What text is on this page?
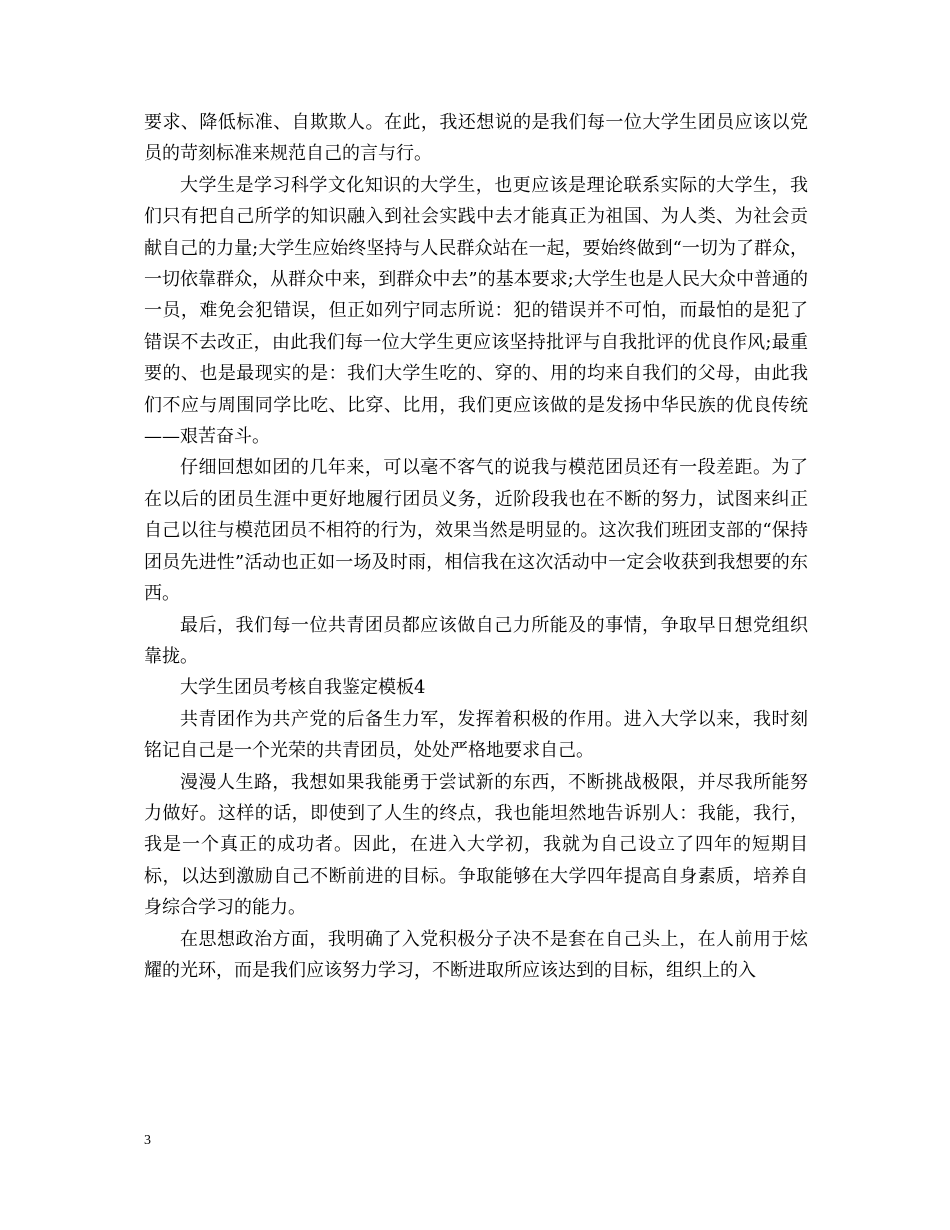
要求、降低标准、自欺欺人。在此，我还想说的是我们每一位大学生团员应该以党员的苛刻标准来规范自己的言与行。

大学生是学习科学文化知识的大学生，也更应该是理论联系实际的大学生，我们只有把自己所学的知识融入到社会实践中去才能真正为祖国、为人类、为社会贡献自己的力量;大学生应始终坚持与人民群众站在一起，要始终做到“一切为了群众，一切依靠群众，从群众中来，到群众中去”的基本要求;大学生也是人民大众中普通的一员，难免会犯错误，但正如列宁同志所说：犯的错误并不可怕，而最怕的是犯了错误不去改正，由此我们每一位大学生更应该坚持批评与自我批评的优良作风;最重要的、也是最现实的是：我们大学生吃的、穿的、用的均来自我们的父母，由此我们不应与周围同学比吃、比穿、比用，我们更应该做的是发扬中华民族的优良传统——艰苦奋斗。

仔细回想如团的几年来，可以毫不客气的说我与模范团员还有一段差距。为了在以后的团员生涯中更好地履行团员义务，近阶段我也在不断的努力，试图来纠正自己以往与模范团员不相符的行为，效果当然是明显的。这次我们班团支部的“保持团员先进性”活动也正如一场及时雨，相信我在这次活动中一定会收获到我想要的东西。

最后，我们每一位共青团员都应该做自己力所能及的事情，争取早日想党组织靠拢。

大学生团员考核自我鉴定模板4

共青团作为共产党的后备生力军，发挥着积极的作用。进入大学以来，我时刻铭记自己是一个光荣的共青团员，处处严格地要求自己。

漫漫人生路，我想如果我能勇于尝试新的东西，不断挑战极限，并尽我所能努力做好。这样的话，即使到了人生的终点，我也能坦然地告诉别人：我能，我行，我是一个真正的成功者。因此，在进入大学初，我就为自己设立了四年的短期目标，以达到激励自己不断前进的目标。争取能够在大学四年提高自身素质，培养自身综合学习的能力。

在思想政治方面，我明确了入党积极分子决不是套在自己头上，在人前用于炫耀的光环，而是我们应该努力学习，不断进取所应该达到的目标，组织上的入

3
